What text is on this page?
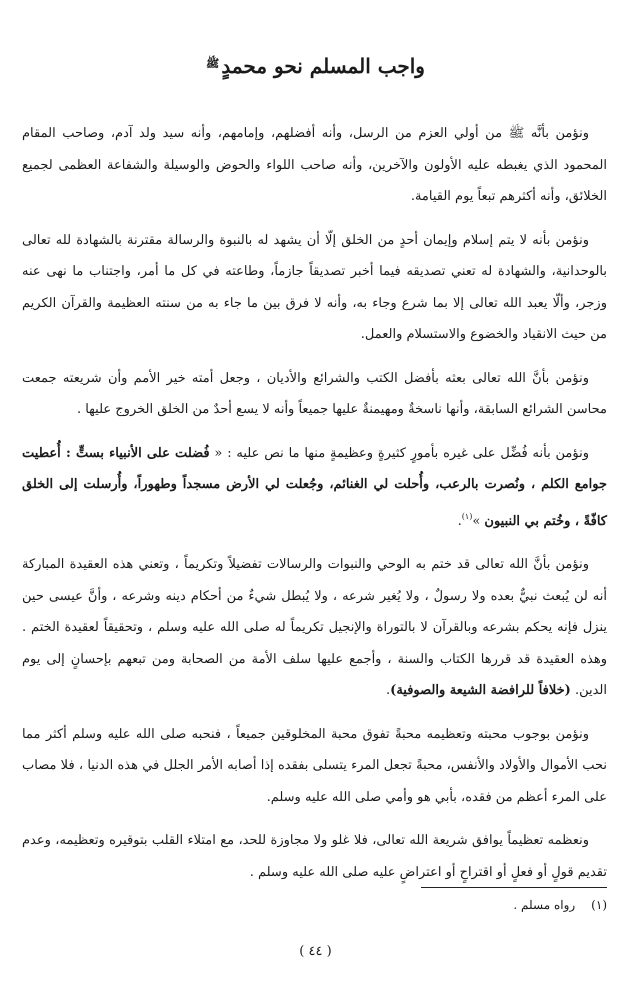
واجب المسلم نحو محمدٍ$^ﷺ$

ونؤمن بأنَّه ﷺ من أولي العزم من الرسل، وأنه أفضلهم، وإمامهم، وأنه سيد ولد آدم، وصاحب المقام المحمود الذي يغبطه عليه الأولون والآخرين، وأنه صاحب اللواء والحوض والوسيلة والشفاعة العظمى لجميع الخلائق، وأنه أكثرهم تبعاً يوم القيامة.

ونؤمن بأنه لا يتم إسلام وإيمان أحدٍ من الخلق إلّا أن يشهد له بالنبوة والرسالة مقترنة بالشهادة لله تعالى بالوحدانية، والشهادة له تعني تصديقه فيما أخبر تصديقاً جازماً، وطاعته في كل ما أمر، واجتناب ما نهى عنه وزجر، وألّا يعبد الله تعالى إلا بما شرع وجاء به، وأنه لا فرق بين ما جاء به من سنته العظيمة والقرآن الكريم من حيث الانقياد والخضوع والاستسلام والعمل.

ونؤمن بأنَّ الله تعالى بعثه بأفضل الكتب والشرائع والأديان ، وجعل أمته خير الأمم وأن شريعته جمعت محاسن الشرائع السابقة، وأنها ناسخةٌ ومهيمنةٌ عليها جميعاً وأنه لا يسع أحدٌ من الخلق الخروج عليها .

ونؤمن بأنه فُضِّل على غيره بأمورٍ كثيرةٍ وعظيمةٍ منها ما نص عليه : « فُضلت على الأنبياء بستٍّ : أُعطيت جوامع الكلم ، ونُصرت بالرعب، وأُحلت لي الغنائم، وجُعلت لي الأرض مسجداً وطهوراً، وأُرسلت إلى الخلق كافّةً ، وخُتم بي النبيون »$^{(١)}$.

ونؤمن بأنَّ الله تعالى قد ختم به الوحي والنبوات والرسالات تفضيلاً وتكريماً ، وتعني هذه العقيدة المباركة أنه لن يُبعث نبيٌّ بعده ولا رسولٌ ، ولا يُغير شرعه ، ولا يُبطل شيءٌ من أحكام دينه وشرعه ، وأنَّ عيسى حين ينزل فإنه يحكم بشرعه وبالقرآن لا بالتوراة والإنجيل تكريماً له صلى الله عليه وسلم ، وتحقيقاً لعقيدة الختم . وهذه العقيدة قد قررها الكتاب والسنة ، وأجمع عليها سلف الأمة من الصحابة ومن تبعهم بإحسانٍ إلى يوم الدين. (خلافاً للرافضة الشيعة والصوفية).

ونؤمن بوجوب محبته وتعظيمه محبةً تفوق محبة المخلوقين جميعاً ، فنحبه صلى الله عليه وسلم أكثر مما نحب الأموال والأولاد والأنفس، محبةً تجعل المرء يتسلى بفقده إذا أصابه الأمر الجلل في هذه الدنيا ، فلا مصاب على المرء أعظم من فقده، بأبي هو وأمي صلى الله عليه وسلم.

ونعظمه تعظيماً يوافق شريعة الله تعالى، فلا غلو ولا مجاوزة للحد، مع امتلاء القلب بتوقيره وتعظيمه، وعدم تقديم قولٍ أو فعلٍ أو اقتراحٍ أو اعتراضٍ عليه صلى الله عليه وسلم .

(١)رواه مسلم .
( ٤٤ )
